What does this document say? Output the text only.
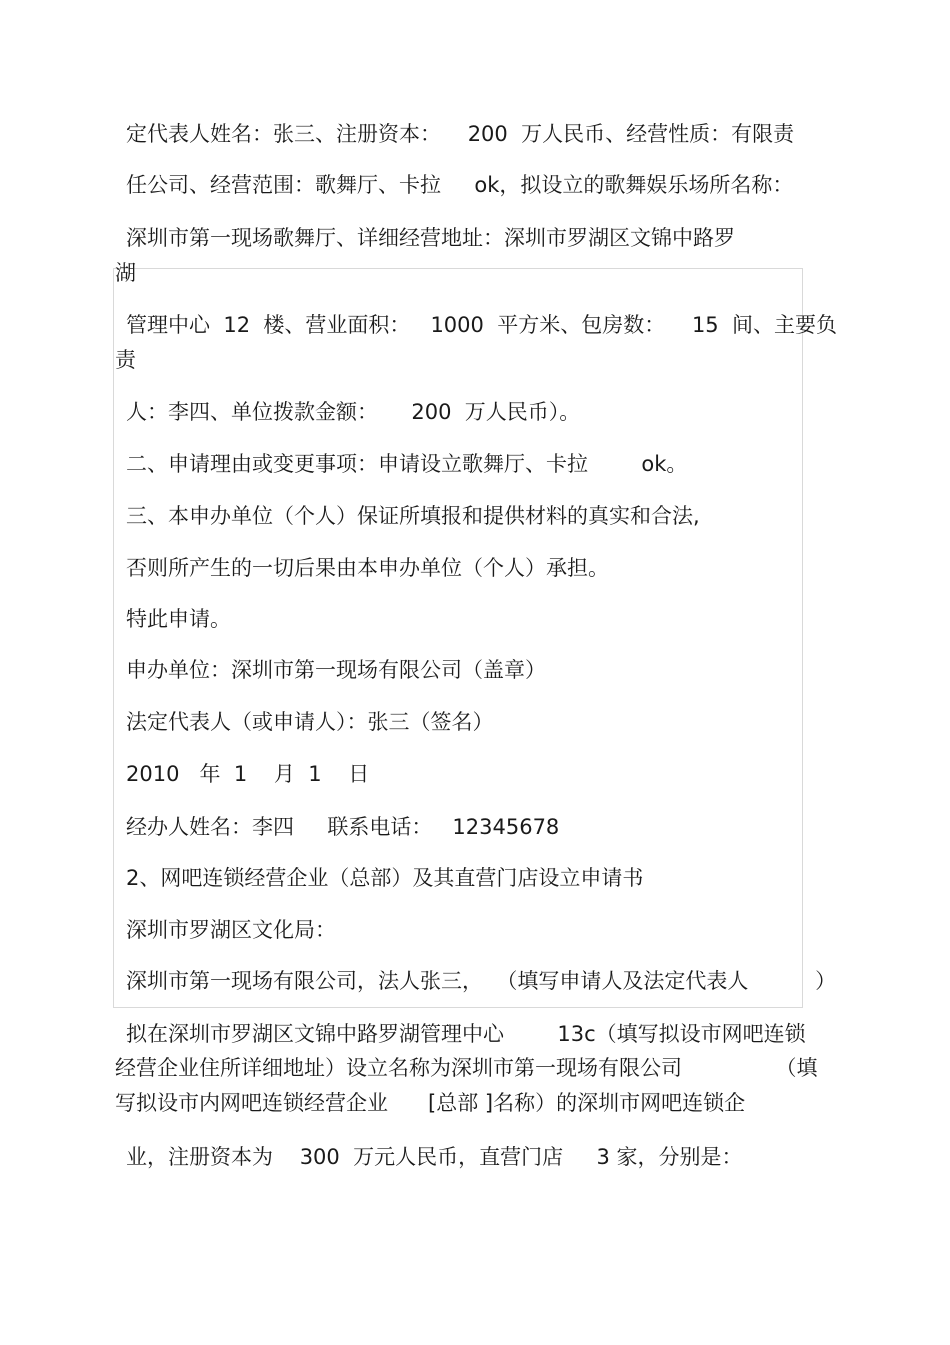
定代表人姓名：张三、注册资本：    200  万人民币、经营性质：有限责

任公司、经营范围：歌舞厅、卡拉     ok，拟设立的歌舞娱乐场所名称：

深圳市第一现场歌舞厅、详细经营地址：深圳市罗湖区文锦中路罗

湖

管理中心  12  楼、营业面积：   1000  平方米、包房数：    15  间、主要负

责

人：李四、单位拨款金额：     200  万人民币）。

二、申请理由或变更事项：申请设立歌舞厅、卡拉        ok。

三、本申办单位（个人）保证所填报和提供材料的真实和合法,

否则所产生的一切后果由本申办单位（个人）承担。

特此申请。

申办单位：深圳市第一现场有限公司（盖章）

法定代表人（或申请人）：张三（签名）

2010   年  1    月  1    日

经办人姓名：李四     联系电话：   12345678

2、网吧连锁经营企业（总部）及其直营门店设立申请书

深圳市罗湖区文化局：

深圳市第一现场有限公司，法人张三，  （填写申请人及法定代表人          ）

拟在深圳市罗湖区文锦中路罗湖管理中心        13c（填写拟设市网吧连锁

经营企业住所详细地址）设立名称为深圳市第一现场有限公司              （填

写拟设市内网吧连锁经营企业      [总部 ]名称）的深圳市网吧连锁企

业，注册资本为    300  万元人民币，直营门店     3 家，分别是：
